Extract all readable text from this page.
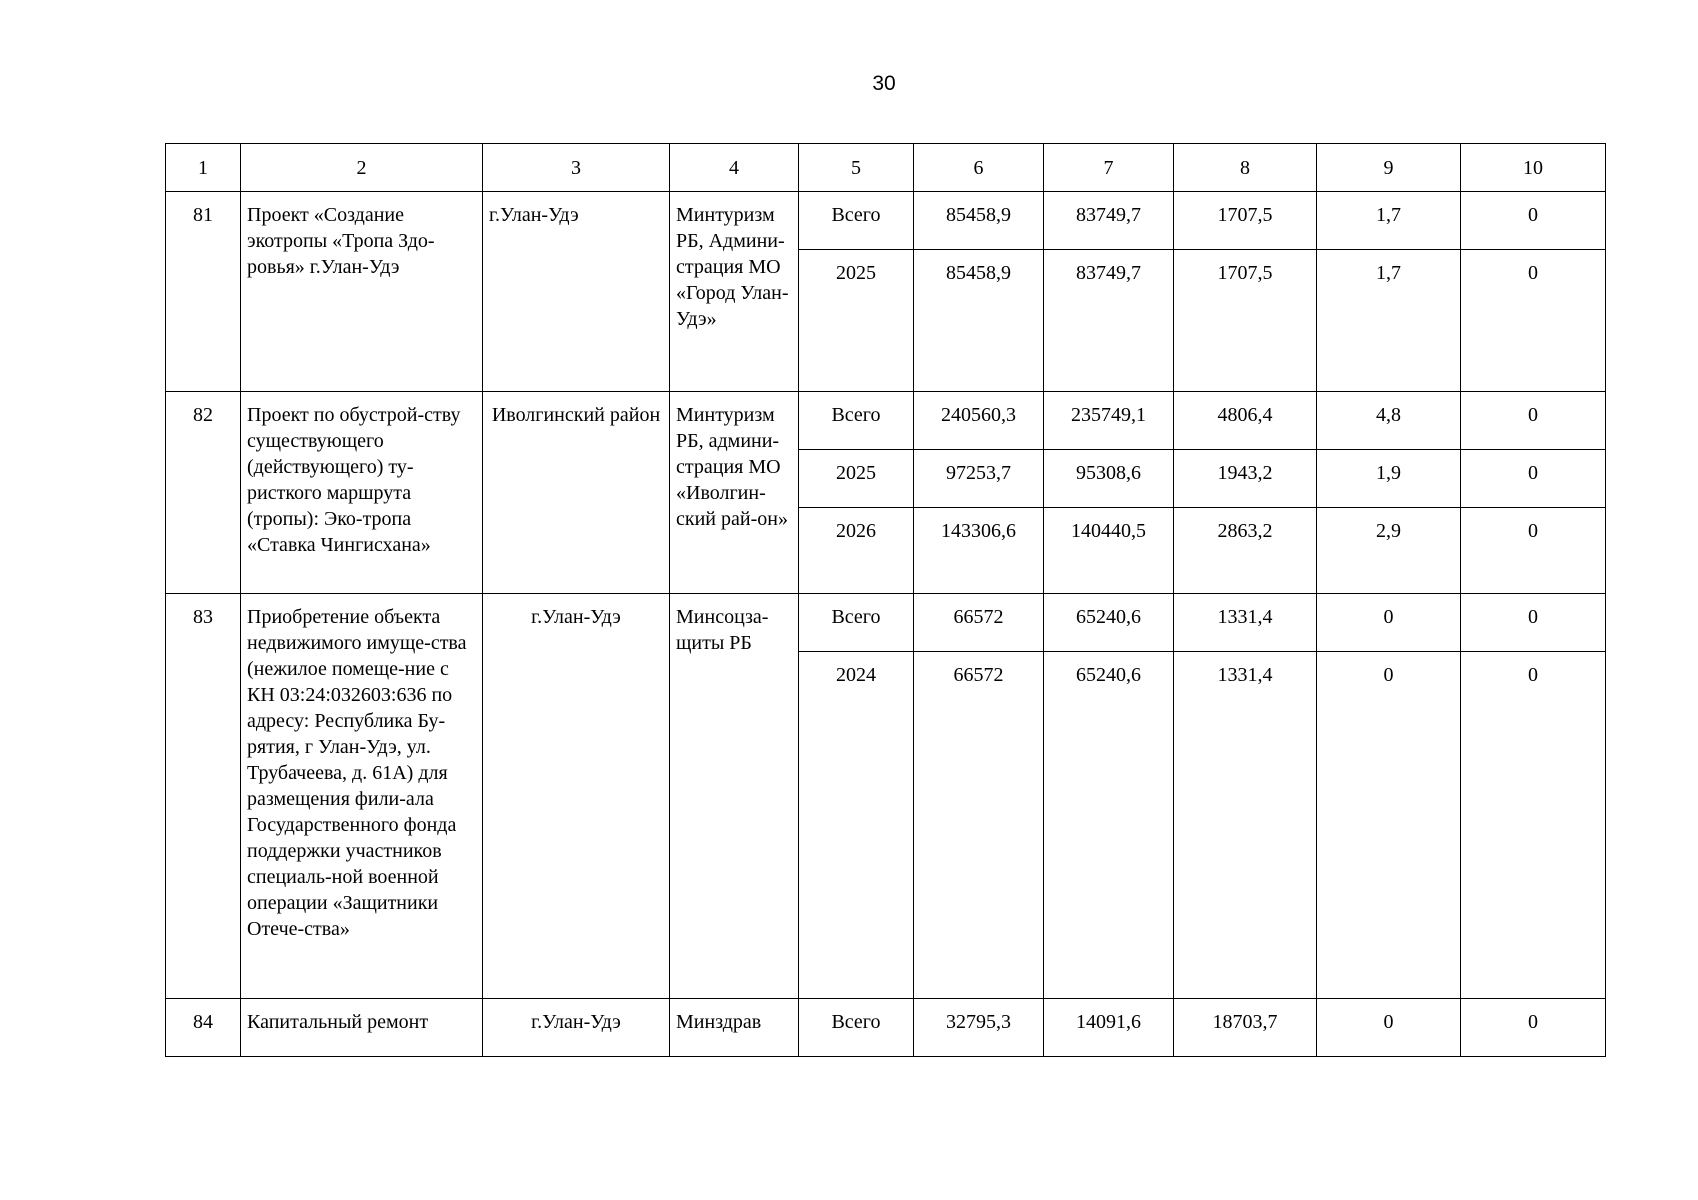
30
1	2	3	4	5	6	7	8	9	10
81	Проект «Создание экотропы «Тропа Здо-ровья» г.Улан-Удэ	г.Улан-Удэ	Минтуризм РБ, Админи-страция МО «Город Улан-Удэ»	Всего	85458,9	83749,7	1707,5	1,7	0
				2025	85458,9	83749,7	1707,5	1,7	0
82	Проект по обустрой-ству существующего (действующего) ту-ристкого маршрута (тропы): Эко-тропа «Ставка Чингисхана»	Иволгинский район	Минтуризм РБ, админи-страция МО «Иволгин-ский рай-он»	Всего	240560,3	235749,1	4806,4	4,8	0
				2025	97253,7	95308,6	1943,2	1,9	0
				2026	143306,6	140440,5	2863,2	2,9	0
83	Приобретение объекта недвижимого имуще-ства (нежилое помеще-ние с КН 03:24:032603:636 по адресу: Республика Бу-рятия, г Улан-Удэ, ул. Трубачеева, д. 61А) для размещения фили-ала Государственного фонда поддержки участников специаль-ной военной операции «Защитники Отече-ства»	г.Улан-Удэ	Минсоцза-щиты РБ	Всего	66572	65240,6	1331,4	0	0
				2024	66572	65240,6	1331,4	0	0
84	Капитальный ремонт	г.Улан-Удэ	Минздрав	Всего	32795,3	14091,6	18703,7	0	0
